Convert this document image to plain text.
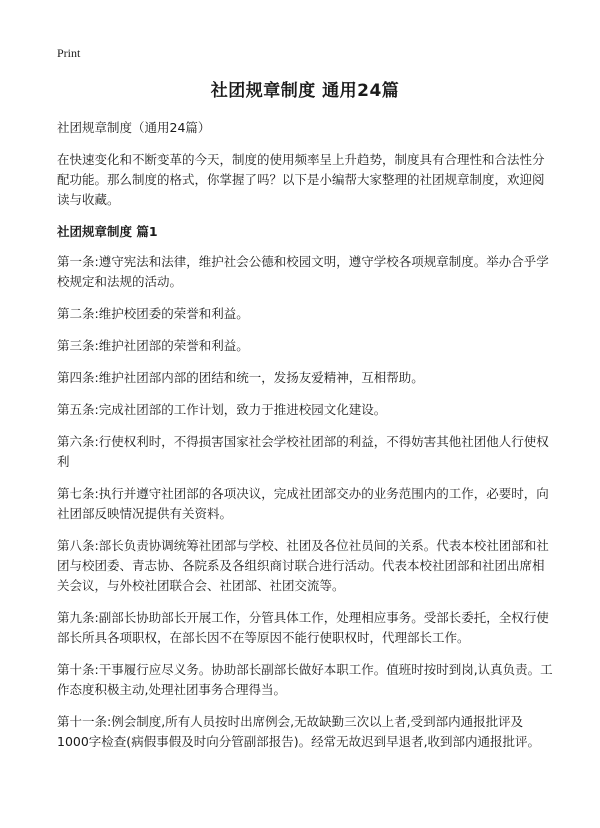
Print
社团规章制度 通用24篇

社团规章制度（通用24篇）

在快速变化和不断变革的今天，制度的使用频率呈上升趋势，制度具有合理性和合法性分配功能。那么制度的格式，你掌握了吗？以下是小编帮大家整理的社团规章制度，欢迎阅读与收藏。

社团规章制度 篇1

第一条:遵守宪法和法律，维护社会公德和校园文明，遵守学校各项规章制度。举办合乎学校规定和法规的活动。

第二条:维护校团委的荣誉和利益。

第三条:维护社团部的荣誉和利益。

第四条:维护社团部内部的团结和统一，发扬友爱精神，互相帮助。

第五条:完成社团部的工作计划，致力于推进校园文化建设。

第六条:行使权利时，不得损害国家社会学校社团部的利益，不得妨害其他社团他人行使权利

第七条:执行并遵守社团部的各项决议，完成社团部交办的业务范围内的工作，必要时，向社团部反映情况提供有关资料。

第八条:部长负责协调统筹社团部与学校、社团及各位社员间的关系。代表本校社团部和社团与校团委、青志协、各院系及各组织商讨联合进行活动。代表本校社团部和社团出席相关会议，与外校社团联合会、社团部、社团交流等。

第九条:副部长协助部长开展工作，分管具体工作，处理相应事务。受部长委托，全权行使部长所具各项职权，在部长因不在等原因不能行使职权时，代理部长工作。

第十条:干事履行应尽义务。协助部长副部长做好本职工作。值班时按时到岗,认真负责。工作态度积极主动,处理社团事务合理得当。

第十一条:例会制度,所有人员按时出席例会,无故缺勤三次以上者,受到部内通报批评及1000字检查(病假事假及时向分管副部报告)。经常无故迟到早退者,收到部内通报批评。
